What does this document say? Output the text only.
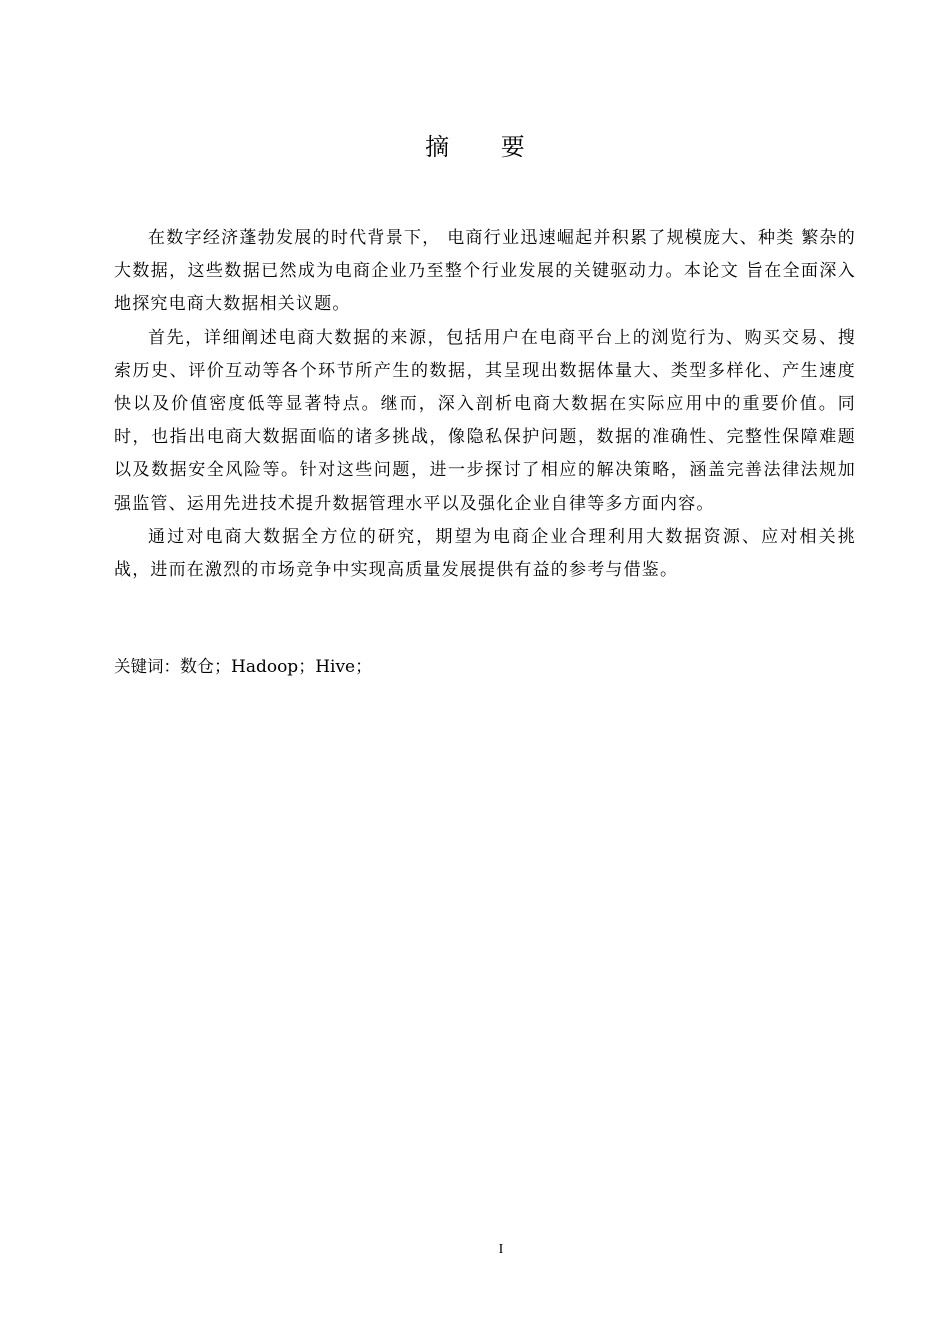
摘 要

在数字经济蓬勃发展的时代背景下， 电商行业迅速崛起并积累了规模庞大、种类 繁杂的大数据，这些数据已然成为电商企业乃至整个行业发展的关键驱动力。本论文 旨在全面深入地探究电商大数据相关议题。

首先，详细阐述电商大数据的来源，包括用户在电商平台上的浏览行为、购买交易、搜索历史、评价互动等各个环节所产生的数据，其呈现出数据体量大、类型多样化、产生速度快以及价值密度低等显著特点。继而，深入剖析电商大数据在实际应用中的重要价值。同时，也指出电商大数据面临的诸多挑战，像隐私保护问题，数据的准确性、完整性保障难题以及数据安全风险等。针对这些问题，进一步探讨了相应的解决策略，涵盖完善法律法规加强监管、运用先进技术提升数据管理水平以及强化企业自律等多方面内容。

通过对电商大数据全方位的研究，期望为电商企业合理利用大数据资源、应对相关挑战，进而在激烈的市场竞争中实现高质量发展提供有益的参考与借鉴。

关键词：数仓；Hadoop；Hive；
I
